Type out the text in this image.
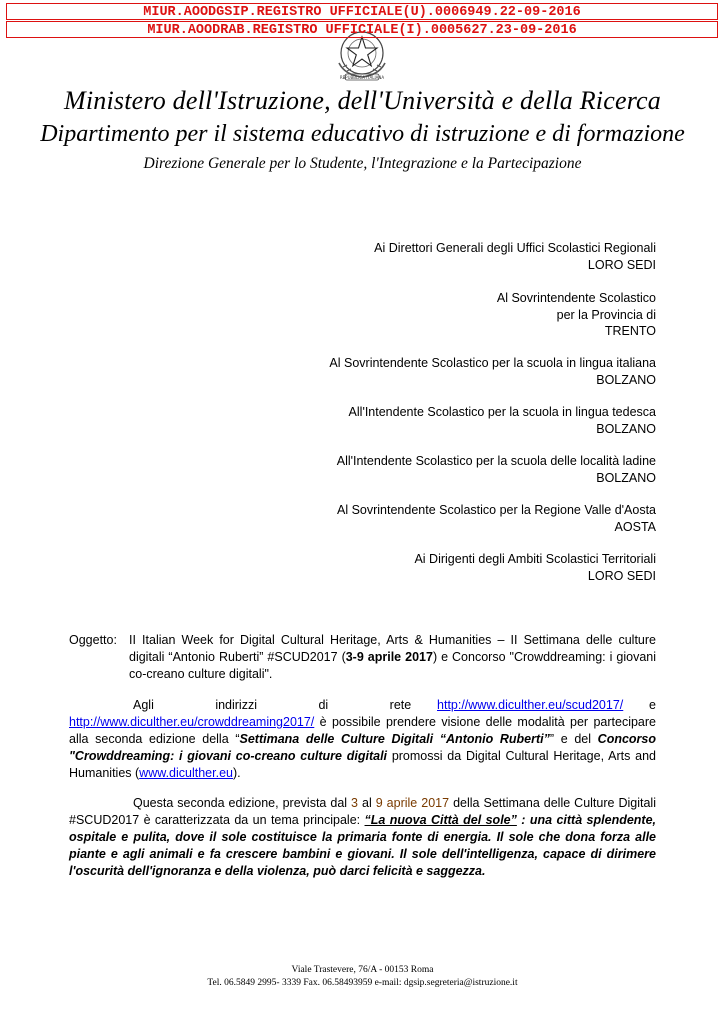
MIUR.AOODGSIP.REGISTRO UFFICIALE(U).0006949.22-09-2016
MIUR.AOODRAB.REGISTRO UFFICIALE(I).0005627.23-09-2016
REPUBBLICA ITALIANA
Ministero dell'Istruzione, dell'Università e della Ricerca
Dipartimento per il sistema educativo di istruzione e di formazione
Direzione Generale per lo Studente, l'Integrazione e la Partecipazione
Ai Direttori Generali degli Uffici Scolastici Regionali
LORO SEDI
Al Sovrintendente Scolastico
per la Provincia di
TRENTO
Al Sovrintendente Scolastico per la scuola in lingua italiana
BOLZANO
All'Intendente Scolastico per la scuola in lingua tedesca
BOLZANO
All'Intendente Scolastico per la scuola delle località ladine
BOLZANO
Al Sovrintendente Scolastico per la Regione Valle d'Aosta
AOSTA
Ai Dirigenti degli Ambiti Scolastici Territoriali
LORO SEDI
Oggetto: II Italian Week for Digital Cultural Heritage, Arts & Humanities – II Settimana delle culture digitali “Antonio Ruberti” #SCUD2017 (3-9 aprile 2017) e Concorso "Crowddreaming: i giovani co-creano culture digitali".
Agli indirizzi di rete http://www.diculther.eu/scud2017/ e
http://www.diculther.eu/crowddreaming2017/ è possibile prendere visione delle modalità per partecipare alla seconda edizione della “Settimana delle Culture Digitali “Antonio Ruberti”” e del Concorso "Crowddreaming: i giovani co-creano culture digitali promossi da Digital Cultural Heritage, Arts and Humanities (www.diculther.eu).
Questa seconda edizione, prevista dal 3 al 9 aprile 2017 della Settimana delle Culture Digitali #SCUD2017 è caratterizzata da un tema principale: “La nuova Città del sole” : una città splendente, ospitale e pulita, dove il sole costituisce la primaria fonte di energia. Il sole che dona forza alle piante e agli animali e fa crescere bambini e giovani. Il sole dell'intelligenza, capace di dirimere l'oscurità dell'ignoranza e della violenza, può darci felicità e saggezza.
Viale Trastevere, 76/A - 00153 Roma
Tel. 06.5849 2995- 3339 Fax. 06.58493959 e-mail: dgsip.segreteria@istruzione.it
